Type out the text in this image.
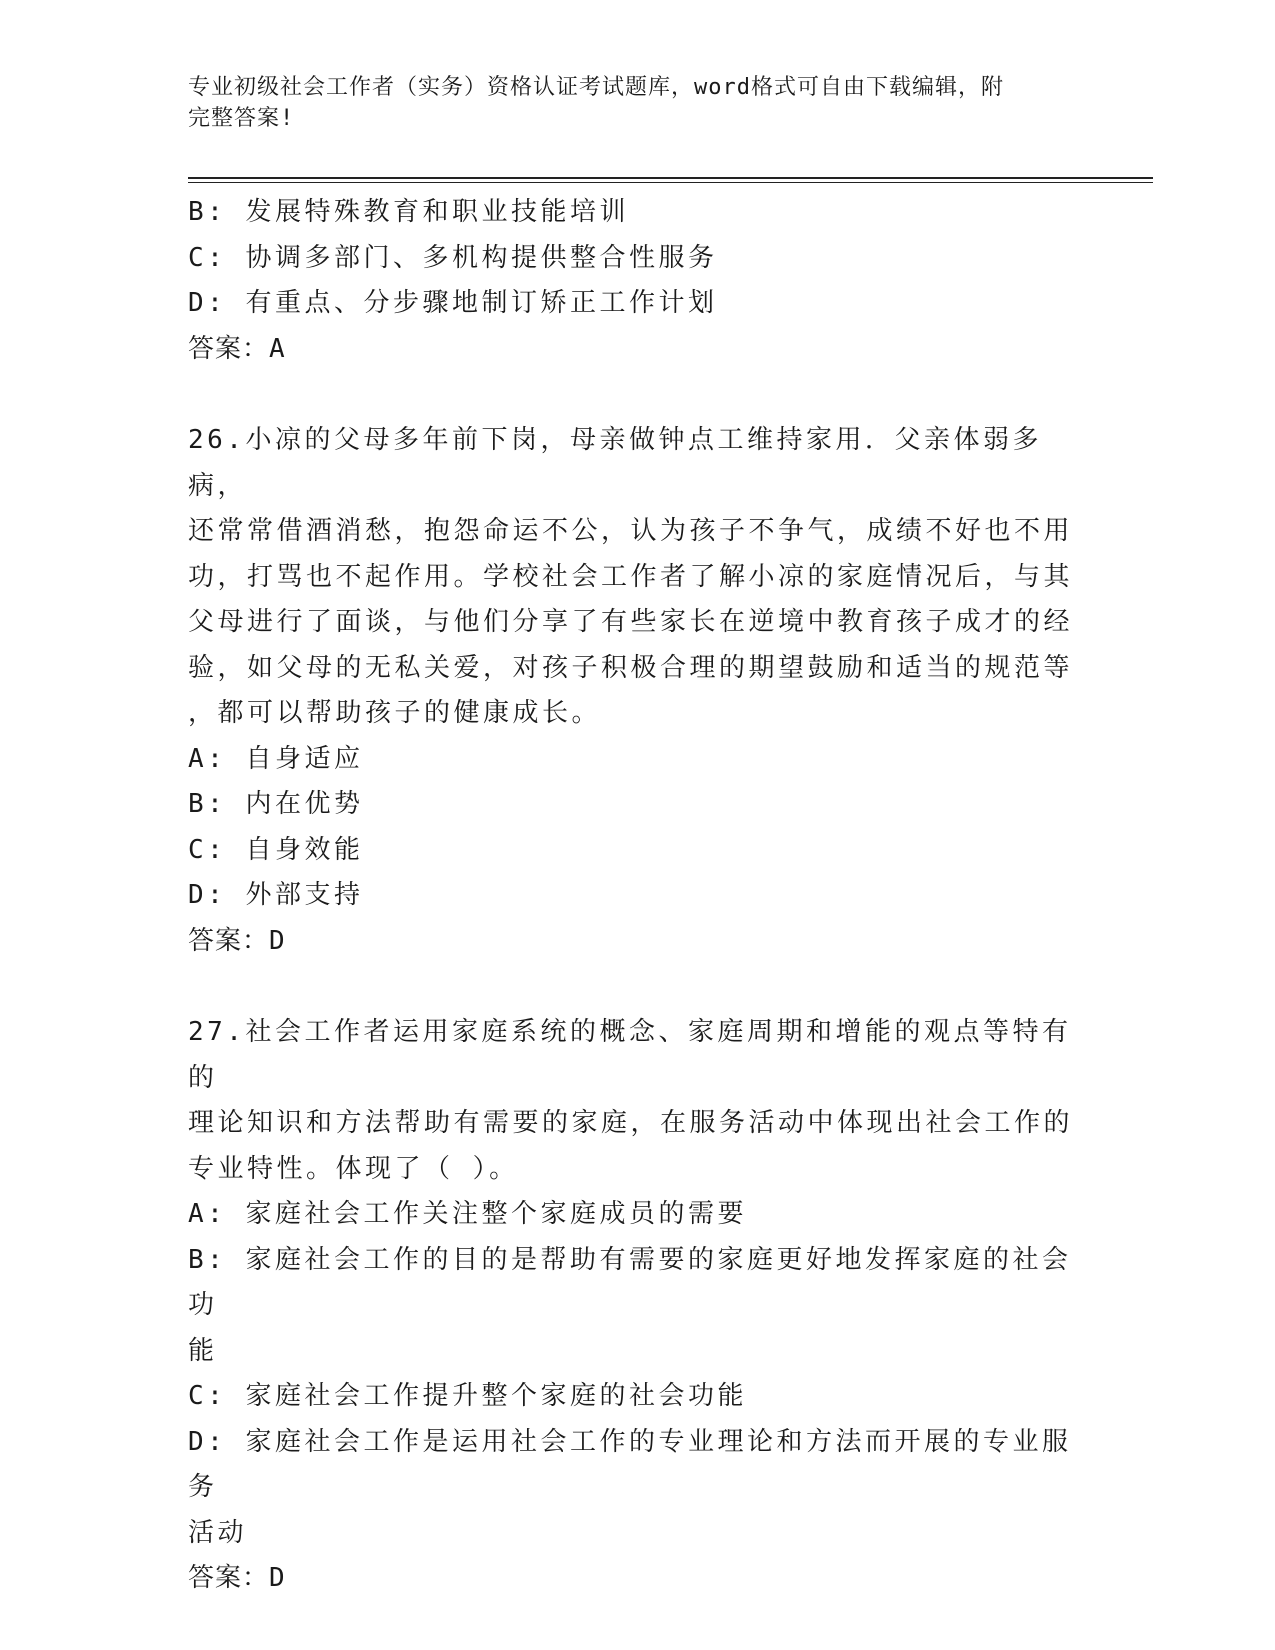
专业初级社会工作者（实务）资格认证考试题库，word格式可自由下载编辑，附
完整答案!

B: 发展特殊教育和职业技能培训

C: 协调多部门、多机构提供整合性服务

D: 有重点、分步骤地制订矫正工作计划

答案：A

26.小凉的父母多年前下岗，母亲做钟点工维持家用．父亲体弱多病，

还常常借酒消愁，抱怨命运不公，认为孩子不争气，成绩不好也不用

功，打骂也不起作用。学校社会工作者了解小凉的家庭情况后，与其

父母进行了面谈，与他们分享了有些家长在逆境中教育孩子成才的经

验，如父母的无私关爱，对孩子积极合理的期望鼓励和适当的规范等

，都可以帮助孩子的健康成长。

A: 自身适应

B: 内在优势

C: 自身效能

D: 外部支持

答案：D

27.社会工作者运用家庭系统的概念、家庭周期和增能的观点等特有的

理论知识和方法帮助有需要的家庭，在服务活动中体现出社会工作的

专业特性。体现了（ ）。

A: 家庭社会工作关注整个家庭成员的需要

B: 家庭社会工作的目的是帮助有需要的家庭更好地发挥家庭的社会功

能

C: 家庭社会工作提升整个家庭的社会功能

D: 家庭社会工作是运用社会工作的专业理论和方法而开展的专业服务

活动

答案：D
